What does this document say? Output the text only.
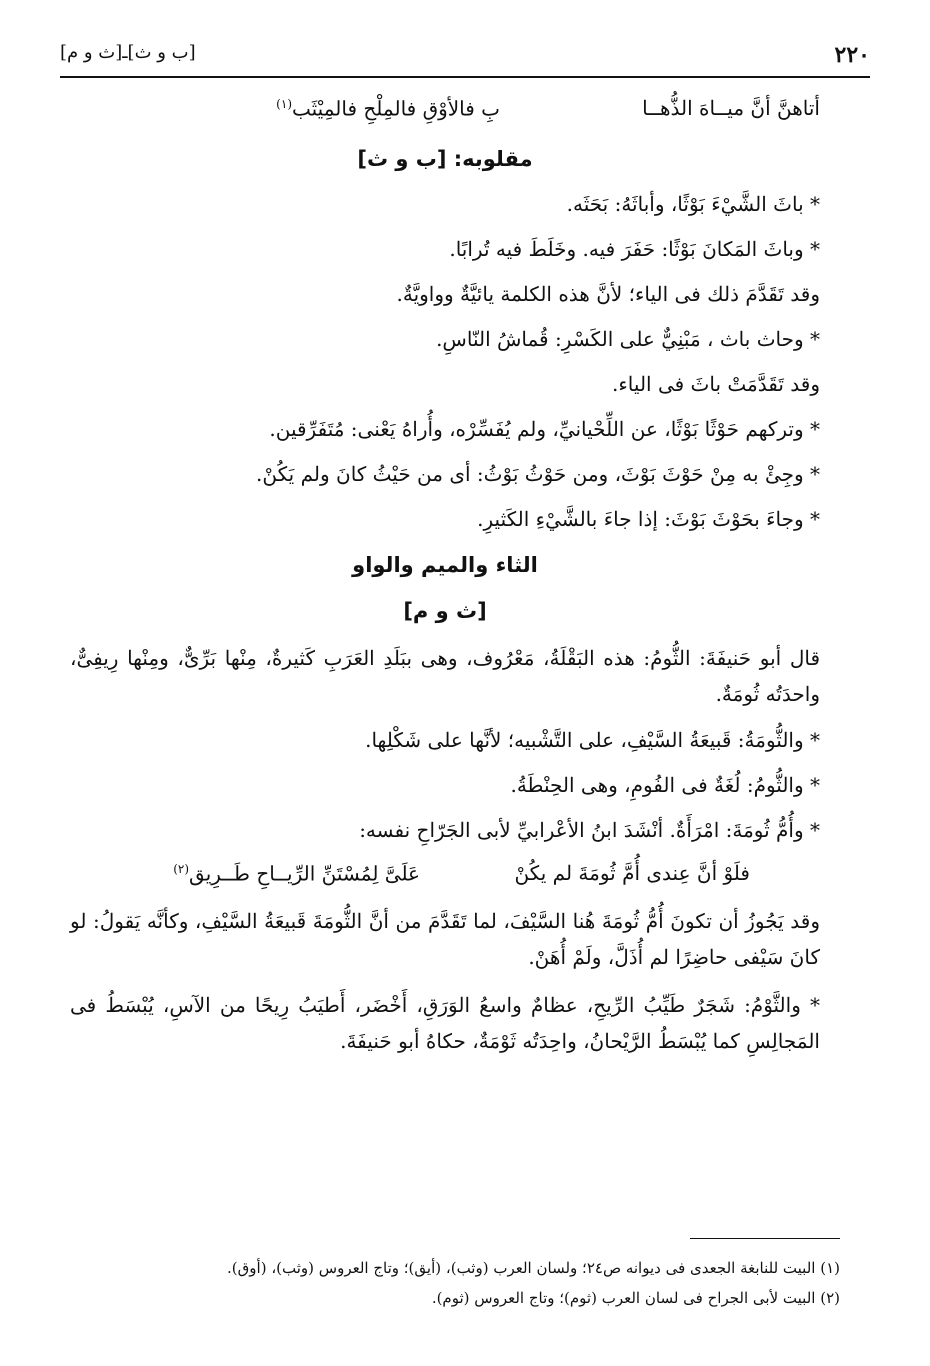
٢٢٠
[ب و ث]ـ[ث و م]
أتاهنَّ أنَّ ميــاهَ الذُّهــا
بِ فالأوْقِ فالمِلْحِ فالمِيْثَب$^{(١)}$
مقلوبه: [ب و ث]
* باثَ الشَّيْءَ بَوْثًا، وأباثَهُ: بَحَثَه.
* وباثَ المَكانَ بَوْثًا: حَفَرَ فيه. وخَلَطَ فيه تُرابًا.
وقد تَقَدَّمَ ذلك فى الياء؛ لأنَّ هذه الكلمة يائيَّةٌ وواويَّةٌ.
* وحاث باث ، مَبْنِيٌّ على الكَسْرِ: قُماشُ النّاسِ.
وقد تَقَدَّمَتْ باثَ فى الياء.
* وتركهم حَوْثًا بَوْثًا، عن اللِّحْيانيِّ، ولم يُفَسِّرْه، وأُراهُ يَعْنى: مُتَفَرِّقين.
* وجِئْ به مِنْ حَوْثَ بَوْثَ، ومن حَوْثُ بَوْثُ: أى من حَيْثُ كانَ ولم يَكُنْ.
* وجاءَ بحَوْثَ بَوْثَ: إذا جاءَ بالشَّيْءِ الكَثيرِ.
الثاء والميم والواو
[ث و م]
قال أبو حَنيفَةَ: الثُّومُ: هذه البَقْلَةُ، مَعْرُوف، وهى ببَلَدِ العَرَبِ كَثيرةٌ، مِنْها بَرِّىٌّ، ومِنْها رِيفِىٌّ، واحدَتُه ثُومَةٌ.
* والثُّومَةُ: قَبيعَةُ السَّيْفِ، على التَّشْبيه؛ لأنَّها على شَكْلِها.
* والثُّومُ: لُغَةٌ فى الفُومِ، وهى الحِنْطَةُ.
* وأُمُّ ثُومَةَ: امْرَأَةٌ. أنْشَدَ ابنُ الأعْرابيِّ لأبى الجَرّاحِ نفسه:
فلَوْ أنَّ عِندى أُمَّ ثُومَةَ لم يكُنْ
عَلَىَّ لِمُسْتَنِّ الرِّيــاحِ طَــرِيق$^{(٢)}$
وقد يَجُوزُ أن تكونَ أُمُّ ثُومَةَ هُنا السَّيْفَ، لما تَقَدَّمَ من أنَّ الثُّومَةَ قَبيعَةُ السَّيْفِ، وكأنَّه يَقولُ: لو كانَ سَيْفى حاضِرًا لم أُذَلَّ، ولَمْ أُهَنْ.
* والثَّوْمُ: شَجَرٌ طَيِّبُ الرِّيحِ، عظامٌ واسعُ الوَرَقِ، أَخْضَر، أَطيَبُ رِيحًا من الآسِ، يُبْسَطُ فى المَجالِسِ كما يُبْسَطُ الرَّيْحانُ، واحِدَتُه ثَوْمَةٌ، حكاهُ أبو حَنيفَةَ.
(١) البيت للنابغة الجعدى فى ديوانه ص٢٤؛ ولسان العرب (وثب)، (أيق)؛ وتاج العروس (وثب)، (أوق).
(٢) البيت لأبى الجراح فى لسان العرب (ثوم)؛ وتاج العروس (ثوم).
